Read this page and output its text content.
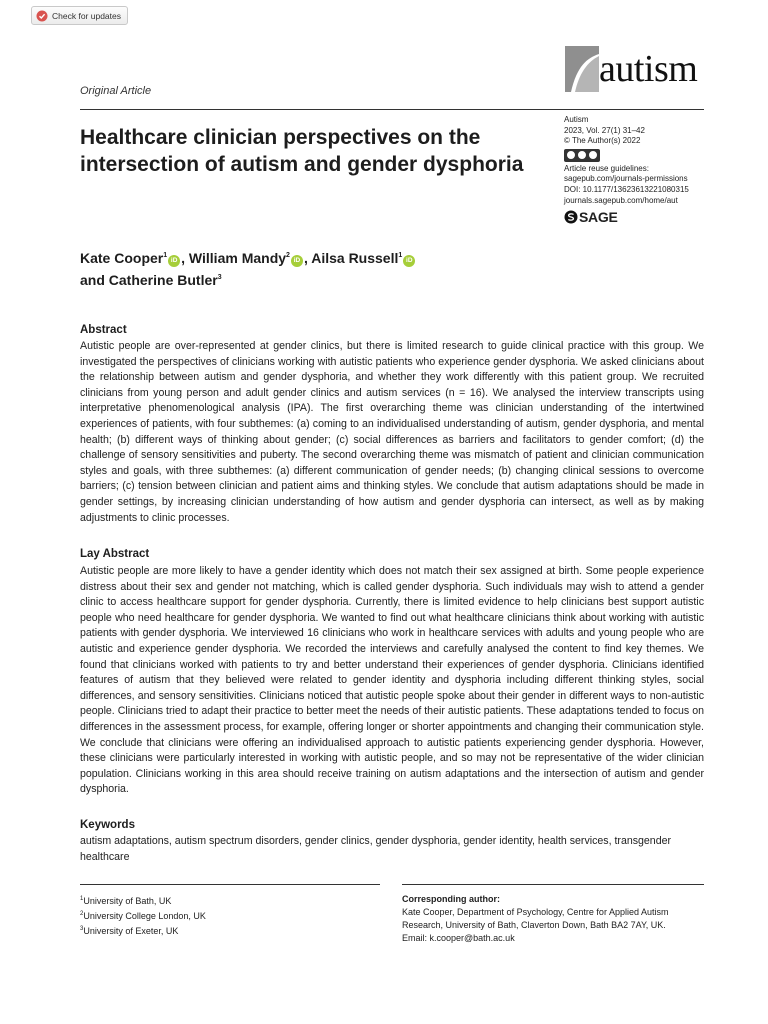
Check for updates
Original Article
autism
Healthcare clinician perspectives on the intersection of autism and gender dysphoria
Autism
2023, Vol. 27(1) 31–42
© The Author(s) 2022
Article reuse guidelines:
sagepub.com/journals-permissions
DOI: 10.1177/13623613221080315
journals.sagepub.com/home/aut
SAGE
Kate Cooper$^1$iD , William Mandy$^2$iD , Ailsa Russell$^1$iD
and Catherine Butler$^3$
Abstract

Autistic people are over-represented at gender clinics, but there is limited research to guide clinical practice with this group. We investigated the perspectives of clinicians working with autistic patients who experience gender dysphoria. We asked clinicians about the relationship between autism and gender dysphoria, and whether they work differently with this patient group. We recruited clinicians from young person and adult gender clinics and autism services (n = 16). We analysed the interview transcripts using interpretative phenomenological analysis (IPA). The first overarching theme was clinician understanding of the intertwined experiences of patients, with four subthemes: (a) coming to an individualised understanding of autism, gender dysphoria, and mental health; (b) different ways of thinking about gender; (c) social differences as barriers and facilitators to gender comfort; (d) the challenge of sensory sensitivities and puberty. The second overarching theme was mismatch of patient and clinician communication styles and goals, with three subthemes: (a) different communication of gender needs; (b) changing clinical sessions to overcome barriers; (c) tension between clinician and patient aims and thinking styles. We conclude that autism adaptations should be made in gender settings, by increasing clinician understanding of how autism and gender dysphoria can intersect, as well as by making adjustments to clinic processes.

Lay Abstract

Autistic people are more likely to have a gender identity which does not match their sex assigned at birth. Some people experience distress about their sex and gender not matching, which is called gender dysphoria. Such individuals may wish to attend a gender clinic to access healthcare support for gender dysphoria. Currently, there is limited evidence to help clinicians best support autistic people who need healthcare for gender dysphoria. We wanted to find out what healthcare clinicians think about working with autistic patients with gender dysphoria. We interviewed 16 clinicians who work in healthcare services with adults and young people who are autistic and experience gender dysphoria. We recorded the interviews and carefully analysed the content to find key themes. We found that clinicians worked with patients to try and better understand their experiences of gender dysphoria. Clinicians identified features of autism that they believed were related to gender identity and dysphoria including different thinking styles, social differences, and sensory sensitivities. Clinicians noticed that autistic people spoke about their gender in different ways to non-autistic people. Clinicians tried to adapt their practice to better meet the needs of their autistic patients. These adaptations tended to focus on differences in the assessment process, for example, offering longer or shorter appointments and changing their communication style. We conclude that clinicians were offering an individualised approach to autistic patients experiencing gender dysphoria. However, these clinicians were particularly interested in working with autistic people, and so may not be representative of the wider clinician population. Clinicians working in this area should receive training on autism adaptations and the intersection of autism and gender dysphoria.

Keywords

autism adaptations, autism spectrum disorders, gender clinics, gender dysphoria, gender identity, health services, transgender healthcare

$^1$University of Bath, UK
$^2$University College London, UK
$^3$University of Exeter, UK
Corresponding author:
Kate Cooper, Department of Psychology, Centre for Applied Autism
Research, University of Bath, Claverton Down, Bath BA2 7AY, UK.
Email: k.cooper@bath.ac.uk
